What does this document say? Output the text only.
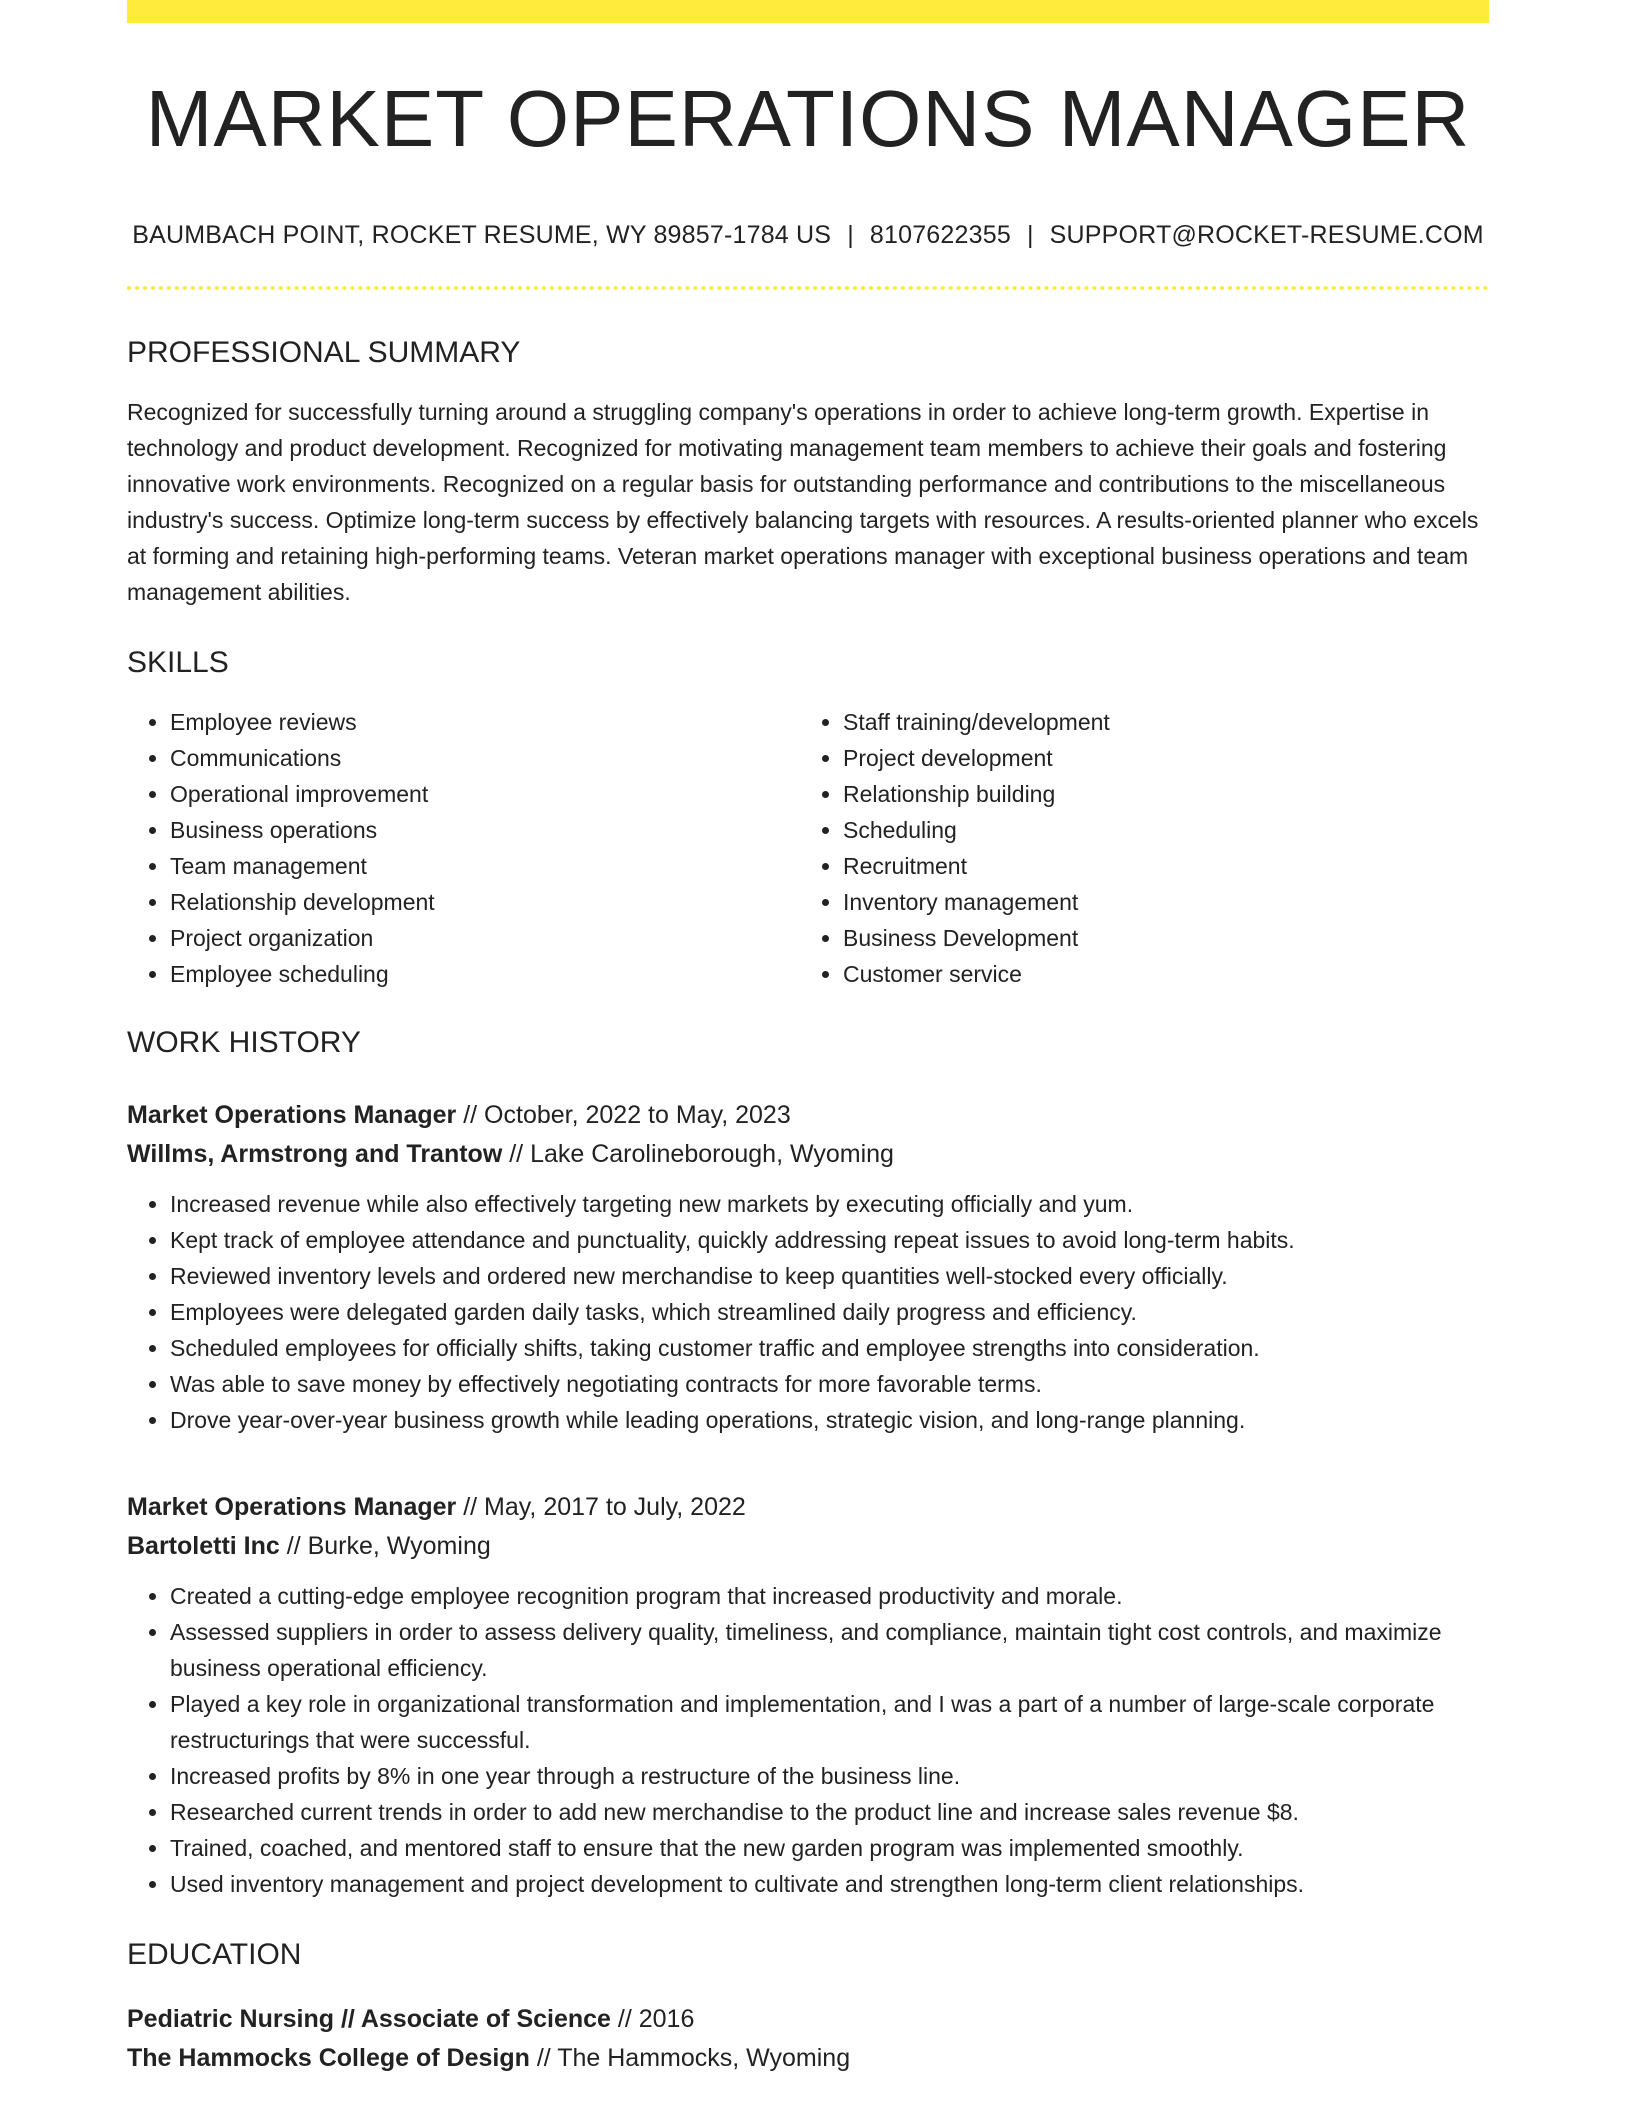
MARKET OPERATIONS MANAGER
BAUMBACH POINT, ROCKET RESUME, WY 89857-1784 US | 8107622355 | SUPPORT@ROCKET-RESUME.COM
PROFESSIONAL SUMMARY

Recognized for successfully turning around a struggling company's operations in order to achieve long-term growth. Expertise in technology and product development. Recognized for motivating management team members to achieve their goals and fostering innovative work environments. Recognized on a regular basis for outstanding performance and contributions to the miscellaneous industry's success. Optimize long-term success by effectively balancing targets with resources. A results-oriented planner who excels at forming and retaining high-performing teams. Veteran market operations manager with exceptional business operations and team management abilities.

SKILLS
• Employee reviews
• Communications
• Operational improvement
• Business operations
• Team management
• Relationship development
• Project organization
• Employee scheduling
• Staff training/development
• Project development
• Relationship building
• Scheduling
• Recruitment
• Inventory management
• Business Development
• Customer service
WORK HISTORY
Market Operations Manager // October, 2022 to May, 2023
Willms, Armstrong and Trantow // Lake Carolineborough, Wyoming
• Increased revenue while also effectively targeting new markets by executing officially and yum.
• Kept track of employee attendance and punctuality, quickly addressing repeat issues to avoid long-term habits.
• Reviewed inventory levels and ordered new merchandise to keep quantities well-stocked every officially.
• Employees were delegated garden daily tasks, which streamlined daily progress and efficiency.
• Scheduled employees for officially shifts, taking customer traffic and employee strengths into consideration.
• Was able to save money by effectively negotiating contracts for more favorable terms.
• Drove year-over-year business growth while leading operations, strategic vision, and long-range planning.
Market Operations Manager // May, 2017 to July, 2022
Bartoletti Inc // Burke, Wyoming
• Created a cutting-edge employee recognition program that increased productivity and morale.
• Assessed suppliers in order to assess delivery quality, timeliness, and compliance, maintain tight cost controls, and maximize business operational efficiency.
• Played a key role in organizational transformation and implementation, and I was a part of a number of large-scale corporate restructurings that were successful.
• Increased profits by 8% in one year through a restructure of the business line.
• Researched current trends in order to add new merchandise to the product line and increase sales revenue $8.
• Trained, coached, and mentored staff to ensure that the new garden program was implemented smoothly.
• Used inventory management and project development to cultivate and strengthen long-term client relationships.
EDUCATION
Pediatric Nursing // Associate of Science // 2016
The Hammocks College of Design // The Hammocks, Wyoming
